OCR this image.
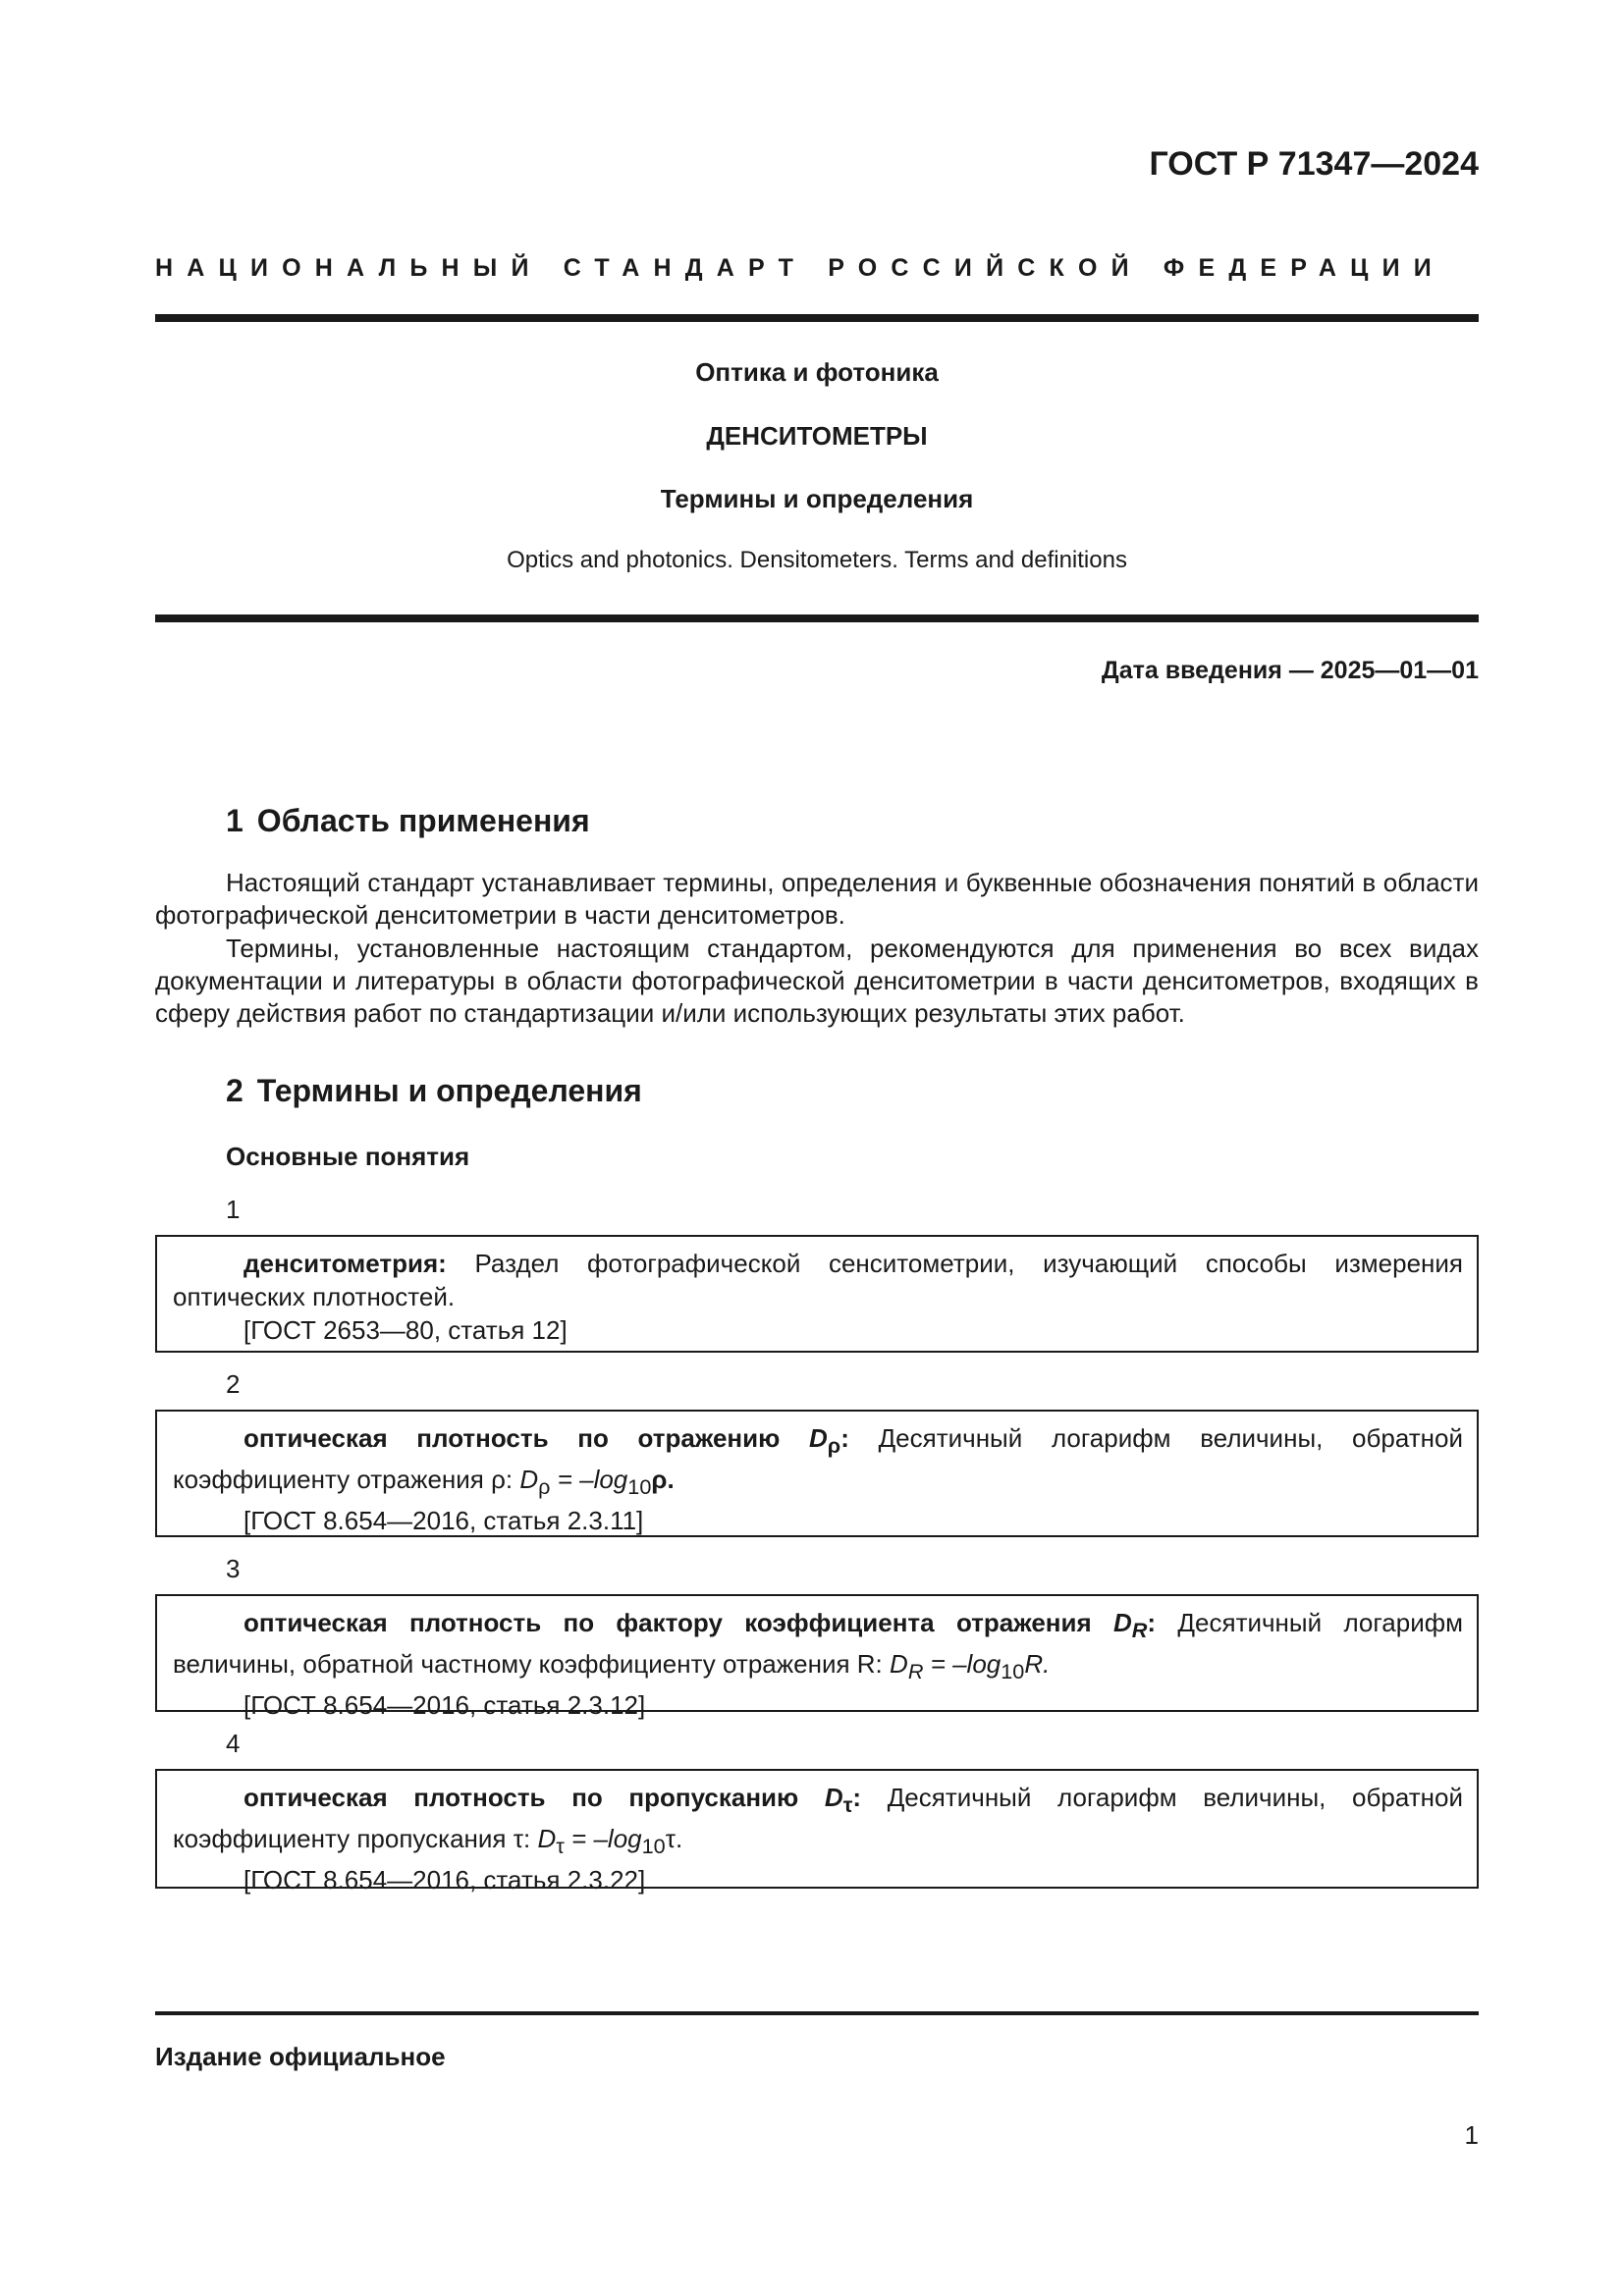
ГОСТ Р 71347—2024
НАЦИОНАЛЬНЫЙ СТАНДАРТ РОССИЙСКОЙ ФЕДЕРАЦИИ
Оптика и фотоника
ДЕНСИТОМЕТРЫ
Термины и определения
Optics and photonics. Densitometers. Terms and definitions
Дата введения — 2025—01—01
1 Область применения
Настоящий стандарт устанавливает термины, определения и буквенные обозначения понятий в области фотографической денситометрии в части денситометров.
Термины, установленные настоящим стандартом, рекомендуются для применения во всех видах документации и литературы в области фотографической денситометрии в части денситометров, входящих в сферу действия работ по стандартизации и/или использующих результаты этих работ.
2 Термины и определения
Основные понятия
1

денситометрия: Раздел фотографической сенситометрии, изучающий способы измерения оптических плотностей.

[ГОСТ 2653—80, статья 12]

2

оптическая плотность по отражению $D_\rho$: Десятичный логарифм величины, обратной коэффициенту отражения ρ: $D_\rho = -\log_{10}\rho$.

[ГОСТ 8.654—2016, статья 2.3.11]

3

оптическая плотность по фактору коэффициента отражения $D_R$: Десятичный логарифм величины, обратной частному коэффициенту отражения R: $D_R = -\log_{10}R$.

[ГОСТ 8.654—2016, статья 2.3.12]

4

оптическая плотность по пропусканию $D_\tau$: Десятичный логарифм величины, обратной коэффициенту пропускания τ: $D_\tau = -\log_{10}\tau$.

[ГОСТ 8.654—2016, статья 2.3.22]

Издание официальное
1
